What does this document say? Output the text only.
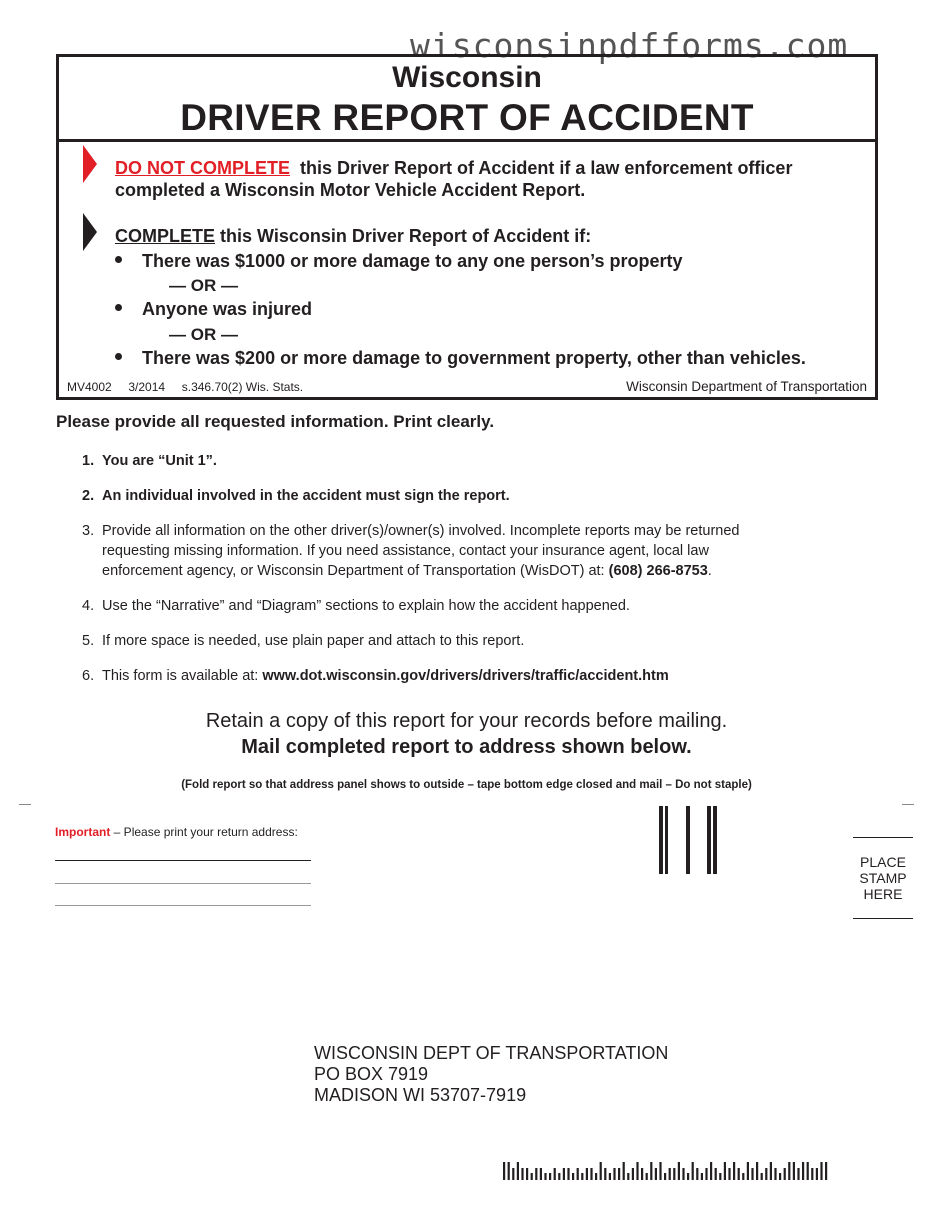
wisconsinpdfforms.com
Wisconsin
DRIVER REPORT OF ACCIDENT
DO NOT COMPLETE this Driver Report of Accident if a law enforcement officer
completed a Wisconsin Motor Vehicle Accident Report.
COMPLETE this Wisconsin Driver Report of Accident if:
There was $1000 or more damage to any one person’s property
— OR —
Anyone was injured
— OR —
There was $200 or more damage to government property, other than vehicles.
MV4002 3/2014 s.346.70(2) Wis. Stats.	Wisconsin Department of Transportation
Please provide all requested information. Print clearly.
1. You are “Unit 1”.
2. An individual involved in the accident must sign the report.
3. Provide all information on the other driver(s)/owner(s) involved. Incomplete reports may be returned requesting missing information. If you need assistance, contact your insurance agent, local law enforcement agency, or Wisconsin Department of Transportation (WisDOT) at: (608) 266-8753.
4. Use the “Narrative” and “Diagram” sections to explain how the accident happened.
5. If more space is needed, use plain paper and attach to this report.
6. This form is available at: www.dot.wisconsin.gov/drivers/drivers/traffic/accident.htm
Retain a copy of this report for your records before mailing.
Mail completed report to address shown below.
(Fold report so that address panel shows to outside – tape bottom edge closed and mail – Do not staple)
Important – Please print your return address:
PLACE
STAMP
HERE
WISCONSIN DEPT OF TRANSPORTATION
PO BOX 7919
MADISON WI 53707-7919
